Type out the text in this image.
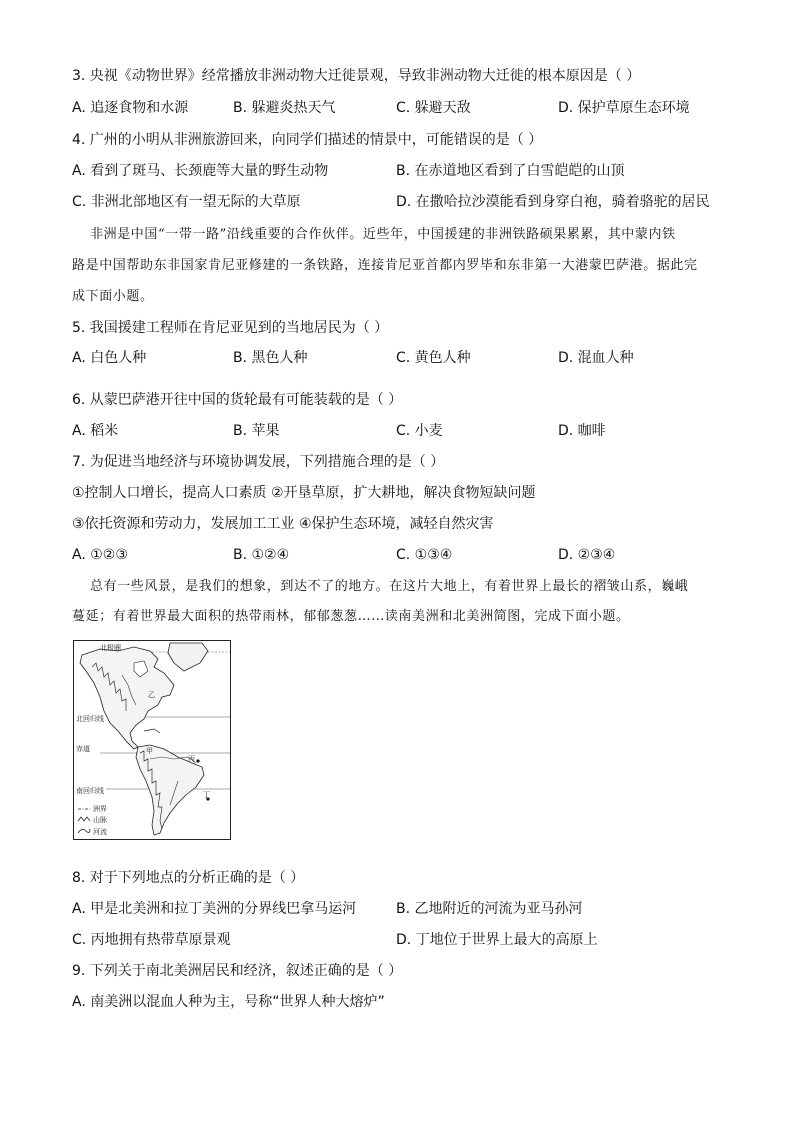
3. 央视《动物世界》经常播放非洲动物大迁徙景观，导致非洲动物大迁徙的根本原因是（ ）
A. 追逐食物和水源	B. 躲避炎热天气	C. 躲避天敌	D. 保护草原生态环境
4. 广州的小明从非洲旅游回来，向同学们描述的情景中，可能错误的是（ ）
A. 看到了斑马、长颈鹿等大量的野生动物	B. 在赤道地区看到了白雪皑皑的山顶
C. 非洲北部地区有一望无际的大草原	D. 在撒哈拉沙漠能看到身穿白袍，骑着骆驼的居民
非洲是中国“一带一路”沿线重要的合作伙伴。近些年，中国援建的非洲铁路硕果累累，其中蒙内铁
路是中国帮助东非国家肯尼亚修建的一条铁路，连接肯尼亚首都内罗毕和东非第一大港蒙巴萨港。据此完
成下面小题。
5. 我国援建工程师在肯尼亚见到的当地居民为（ ）
A. 白色人种	B. 黑色人种	C. 黄色人种	D. 混血人种
6. 从蒙巴萨港开往中国的货轮最有可能装载的是（ ）
A. 稻米	B. 苹果	C. 小麦	D. 咖啡
7. 为促进当地经济与环境协调发展，下列措施合理的是（ ）
①控制人口增长，提高人口素质 ②开垦草原，扩大耕地，解决食物短缺问题
③依托资源和劳动力，发展加工工业 ④保护生态环境，减轻自然灾害
A. ①②③	B. ①②④	C. ①③④	D. ②③④
总有一些风景，是我们的想象，到达不了的地方。在这片大地上，有着世界上最长的褶皱山系，巍峨
蔓延；有着世界最大面积的热带雨林，郁郁葱葱……读南美洲和北美洲简图，完成下面小题。
北极圈
北回归线
赤道
南回归线
甲
乙
丙
丁
洲界
山脉
河流
8. 对于下列地点的分析正确的是（ ）
A. 甲是北美洲和拉丁美洲的分界线巴拿马运河	B. 乙地附近的河流为亚马孙河
C. 丙地拥有热带草原景观	D. 丁地位于世界上最大的高原上
9. 下列关于南北美洲居民和经济，叙述正确的是（ ）
A. 南美洲以混血人种为主，号称“世界人种大熔炉”
